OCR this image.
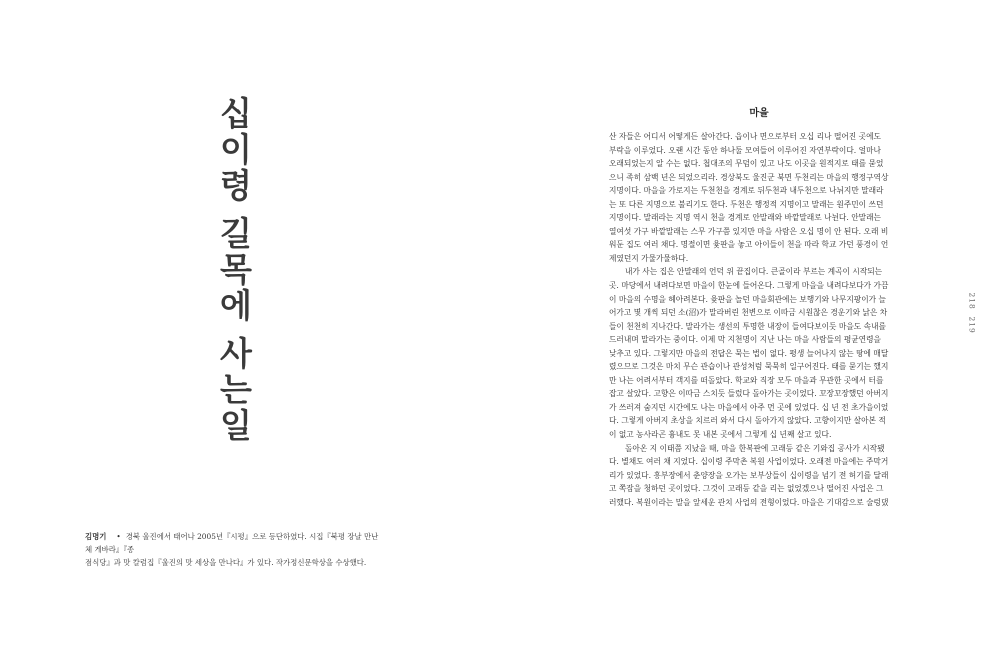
십
이
령
길
목
에
사
는
일
김명기 • 경북 울진에서 태어나 2005년『시평』으로 등단하였다. 시집『북평 장날 만난 체 게바라』『종
점식당』과 맛 칼럼집『울진의 맛 세상을 만나다』가 있다. 작가정신문학상을 수상했다.
218
219
마을
산 자들은 어디서 어떻게든 살아간다. 읍이나 면으로부터 오십 리나 떨어진 곳에도
부락을 이루었다. 오랜 시간 동안 하나둘 모여들어 이루어진 자연부락이다. 얼마나
오래되었는지 알 수는 없다. 첩대조의 무덤이 있고 나도 이곳을 원적지로 태를 묻었
으니 족히 삼백 년은 되었으리라. 경상북도 울진군 북면 두천리는 마을의 행정구역상
지명이다. 마을을 가로지는 두천천을 경계로 뒤두천과 내두천으로 나뉘지만 말래라
는 또 다른 지명으로 불리기도 한다. 두천은 행정적 지명이고 말래는 원주민이 쓰던
지명이다. 말래라는 지명 역시 천을 경계로 안말래와 바깥말래로 나뉜다. 안말래는
열여섯 가구 바깥말래는 스무 가구쯤 있지만 마을 사람은 오십 명이 안 된다. 오래 비
워둔 집도 여러 채다. 명절이면 윷판을 놓고 아이들이 천을 따라 학교 가던 풍경이 언
제였던지 가물가물하다.
내가 사는 집은 안말래의 언덕 위 끝집이다. 큰골이라 부르는 계곡이 시작되는
곳. 마당에서 내려다보면 마을이 한눈에 들어온다. 그렇게 마을을 내려다보다가 가끔
이 마을의 수명을 헤아려본다. 윷판을 놀던 마을회관에는 보행기와 나무지팡이가 늘
어가고 몇 개씩 되던 소(沼)가 말라버린 천변으로 이따금 시원찮은 경운기와 낡은 차
들이 천천히 지나간다. 말라가는 생선의 투명한 내장이 들여다보이듯 마을도 속내를
드러내며 말라가는 중이다. 이제 막 지천명이 지난 나는 마을 사람들의 평균연령을
낮추고 있다. 그렇지만 마을의 전답은 묵는 법이 없다. 평생 늘어나지 않는 땅에 매달
렸으므로 그것은 마치 무슨 관습이나 관성처럼 묵묵히 일구어진다. 태를 묻기는 했지
만 나는 어려서부터 객지를 떠돌았다. 학교와 직장 모두 마을과 무관한 곳에서 터를
잡고 살았다. 고향은 이따금 스치듯 들렀다 돌아가는 곳이었다. 꼬장꼬장했던 아버지
가 쓰러져 숨지던 시간에도 나는 마을에서 아주 먼 곳에 있었다. 십 년 전 초가을이었
다. 그렇게 아버지 초상을 치르러 와서 다시 돌아가지 않았다. 고향이지만 살아본 적
이 없고 농사라곤 흉내도 못 내본 곳에서 그렇게 십 년째 살고 있다.
돌아온 지 이태쯤 지났을 때, 마을 한복판에 고래등 같은 기와집 공사가 시작됐
다. 별채도 여러 채 지었다. 십이령 주막촌 복원 사업이었다. 오래전 마을에는 주막거
리가 있었다. 흥부장에서 춘양장을 오가는 보부상들이 십이령을 넘기 전 허기를 달래
고 쪽잠을 청하던 곳이었다. 그것이 고래등 같을 리는 없었겠으나 떨어진 사업은 그
러했다. 복원이라는 말을 앞세운 관치 사업의 전형이었다. 마을은 기대감으로 술렁댔
